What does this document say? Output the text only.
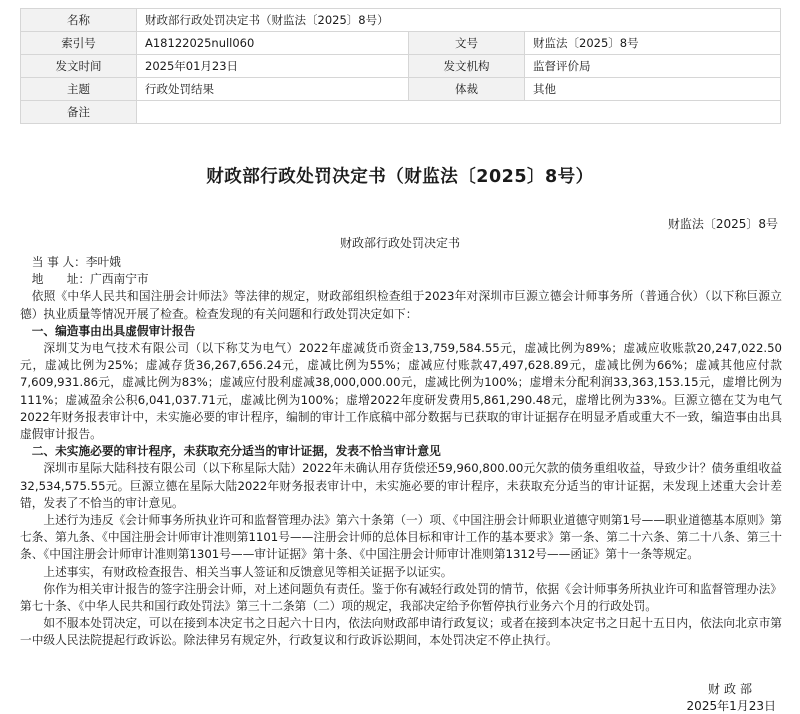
名称	财政部行政处罚决定书（财监法〔2025〕8号）		
索引号	A18122025null060	文号	财监法〔2025〕8号
发文时间	2025年01月23日	发文机构	监督评价局
主题	行政处罚结果	体裁	其他
备注			
财政部行政处罚决定书（财监法〔2025〕8号）
财监法〔2025〕8号
财政部行政处罚决定书

当 事 人：李叶娥

地　　址：广西南宁市

依照《中华人民共和国注册会计师法》等法律的规定，财政部组织检查组于2023年对深圳市巨源立德会计师事务所（普通合伙）（以下称巨源立德）执业质量等情况开展了检查。检查发现的有关问题和行政处罚决定如下：

一、编造事由出具虚假审计报告

深圳艾为电气技术有限公司（以下称艾为电气）2022年虚减货币资金13,759,584.55元，虚减比例为89%；虚减应收账款20,247,022.50元，虚减比例为25%；虚减存货36,267,656.24元，虚减比例为55%；虚减应付账款47,497,628.89元，虚减比例为66%；虚减其他应付款7,609,931.86元，虚减比例为83%；虚减应付股利虚减38,000,000.00元，虚减比例为100%；虚增未分配利润33,363,153.15元，虚增比例为111%；虚减盈余公积6,041,037.71元，虚减比例为100%；虚增2022年度研发费用5,861,290.48元，虚增比例为33%。巨源立德在艾为电气2022年财务报表审计中，未实施必要的审计程序，编制的审计工作底稿中部分数据与已获取的审计证据存在明显矛盾或重大不一致，编造事由出具虚假审计报告。

二、未实施必要的审计程序，未获取充分适当的审计证据，发表不恰当审计意见

深圳市星际大陆科技有限公司（以下称星际大陆）2022年未确认用存货偿还59,960,800.00元欠款的债务重组收益，导致少计？债务重组收益32,534,575.55元。巨源立德在星际大陆2022年财务报表审计中，未实施必要的审计程序，未获取充分适当的审计证据，未发现上述重大会计差错，发表了不恰当的审计意见。

上述行为违反《会计师事务所执业许可和监督管理办法》第六十条第（一）项、《中国注册会计师职业道德守则第1号——职业道德基本原则》第七条、第九条、《中国注册会计师审计准则第1101号——注册会计师的总体目标和审计工作的基本要求》第一条、第二十六条、第二十八条、第三十条、《中国注册会计师审计准则第1301号——审计证据》第十条、《中国注册会计师审计准则第1312号——函证》第十一条等规定。

上述事实，有财政检查报告、相关当事人签证和反馈意见等相关证据予以证实。

你作为相关审计报告的签字注册会计师，对上述问题负有责任。鉴于你有减轻行政处罚的情节，依据《会计师事务所执业许可和监督管理办法》第七十条、《中华人民共和国行政处罚法》第三十二条第（二）项的规定，我部决定给予你暂停执行业务六个月的行政处罚。

如不服本处罚决定，可以在接到本决定书之日起六十日内，依法向财政部申请行政复议；或者在接到本决定书之日起十五日内，依法向北京市第一中级人民法院提起行政诉讼。除法律另有规定外，行政复议和行政诉讼期间，本处罚决定不停止执行。

财政部
2025年1月23日
